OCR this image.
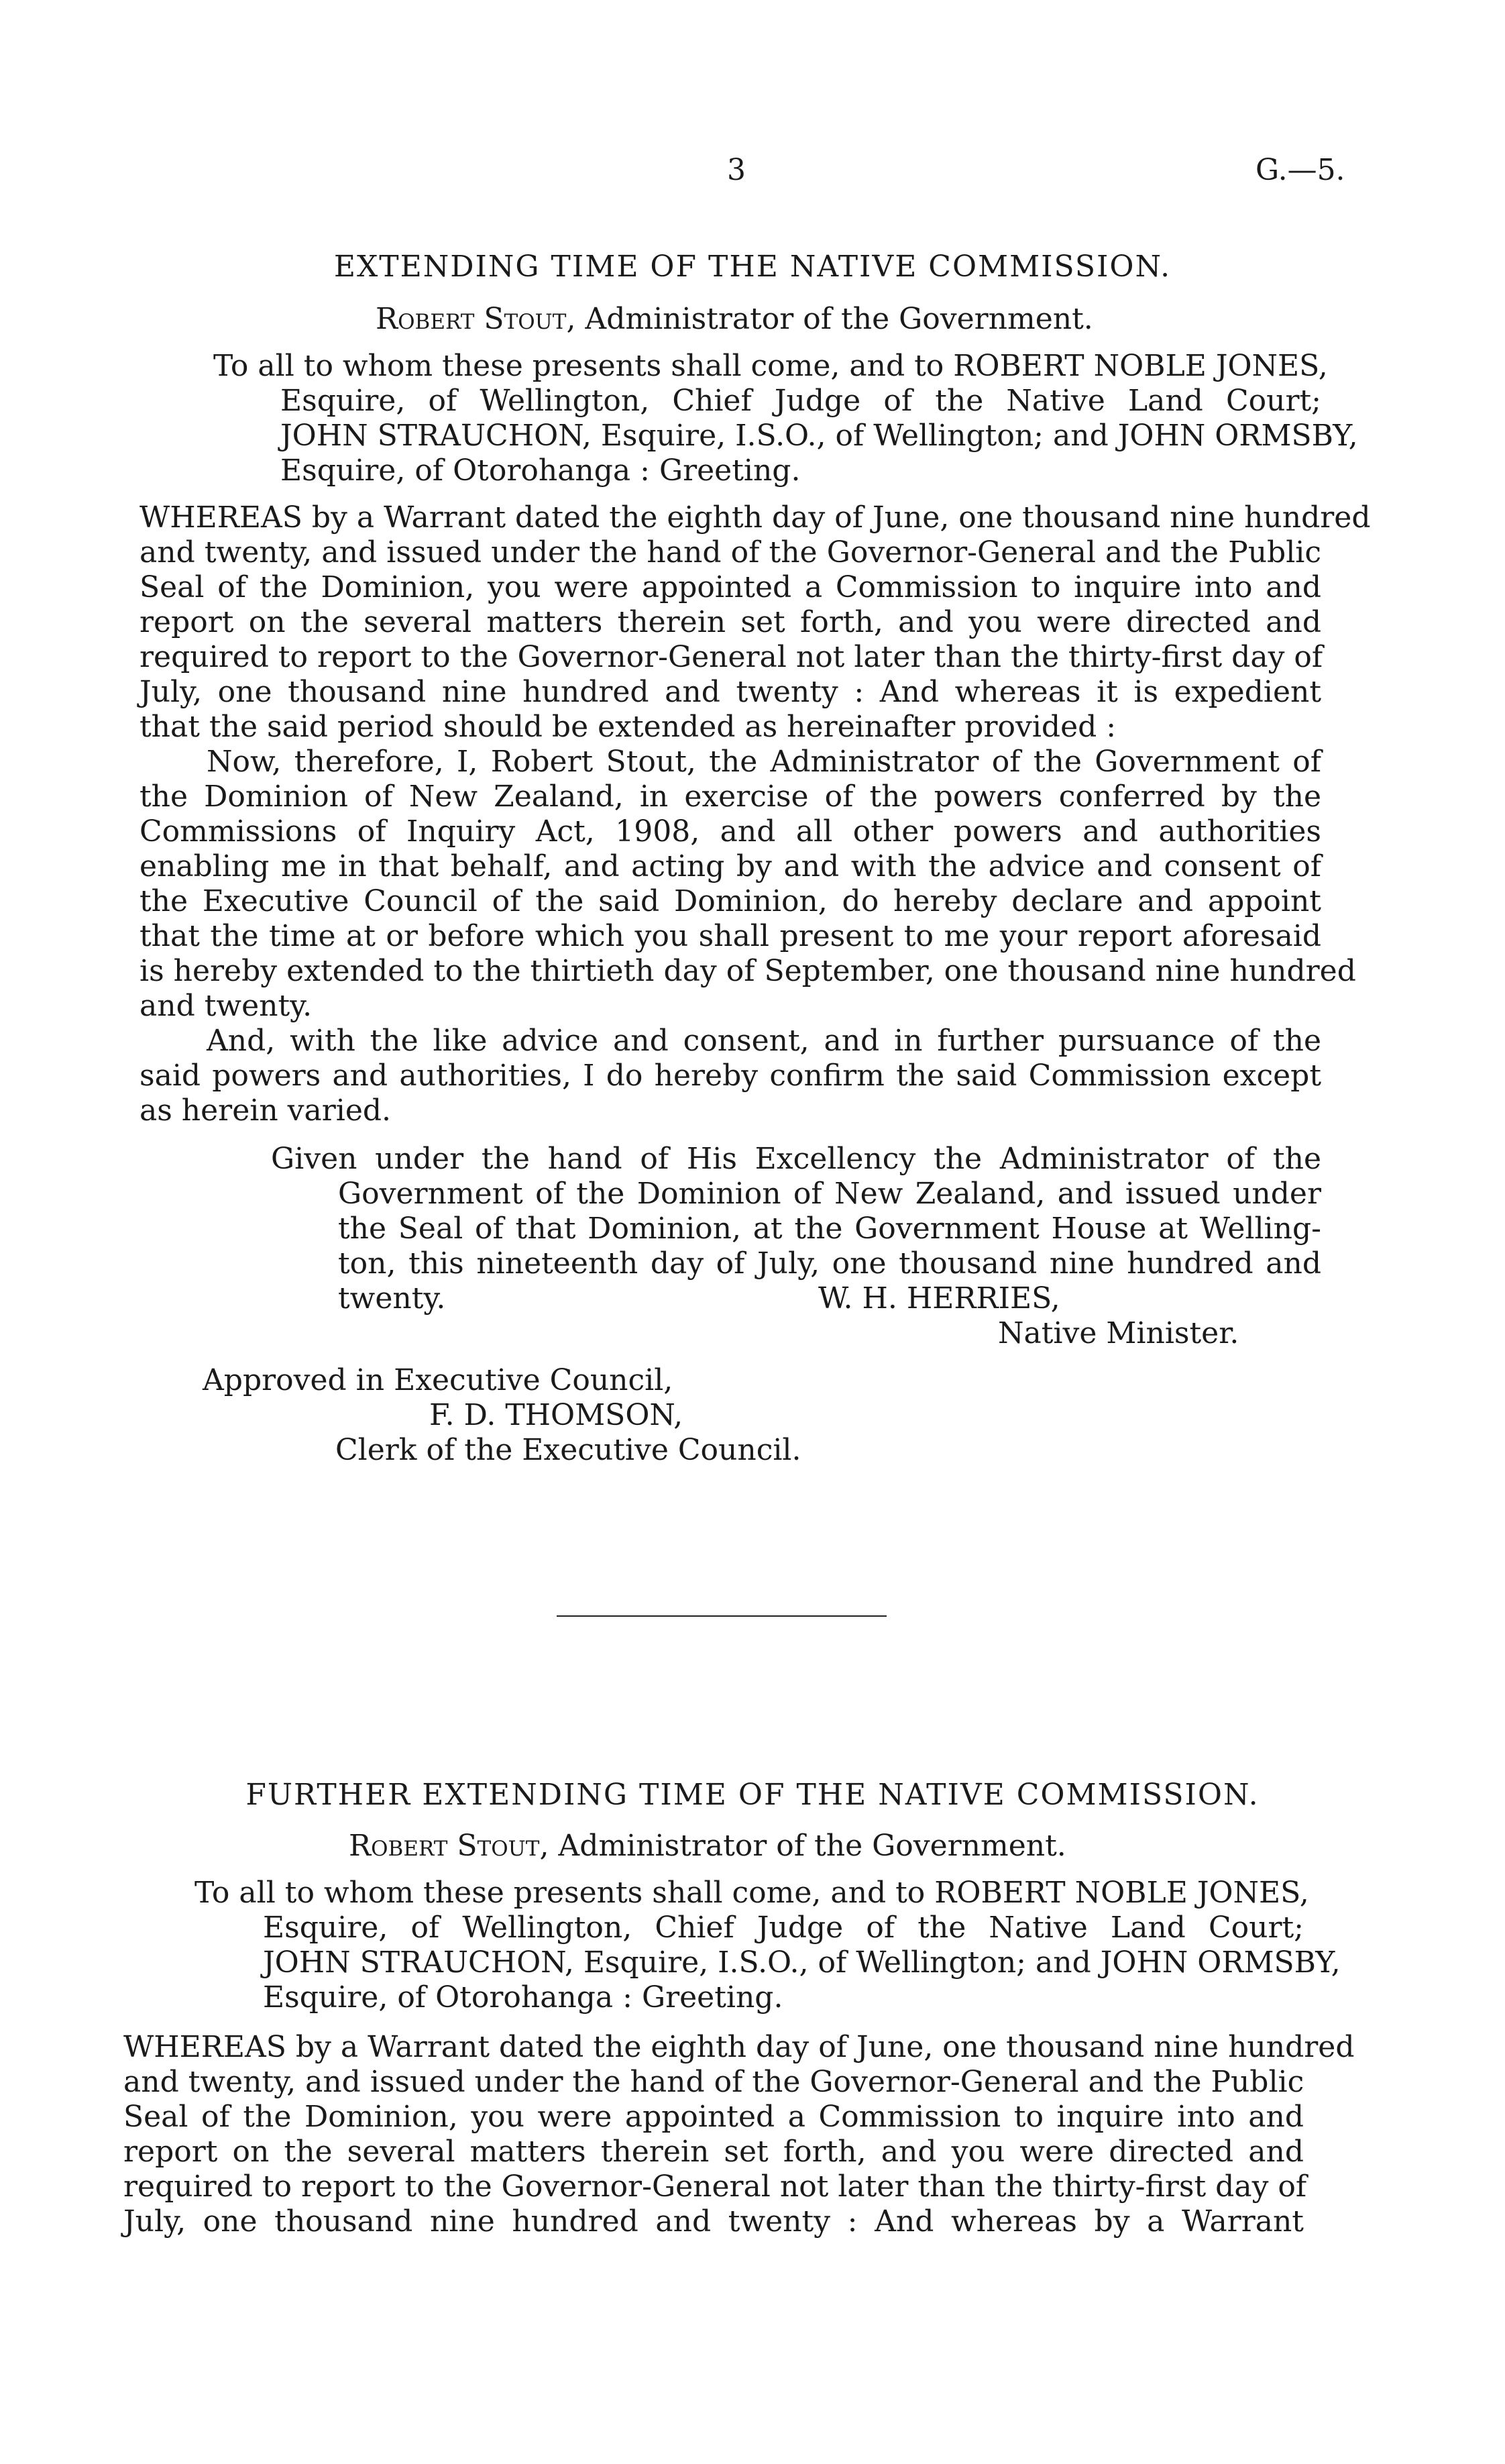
3	G.—5.
EXTENDING TIME OF THE NATIVE COMMISSION.
Robert Stout, Administrator of the Government.
To all to whom these presents shall come, and to ROBERT NOBLE JONES,
Esquire, of Wellington, Chief Judge of the Native Land Court;
JOHN STRAUCHON, Esquire, I.S.O., of Wellington; and JOHN ORMSBY,
Esquire, of Otorohanga : Greeting.
WHEREAS by a Warrant dated the eighth day of June, one thousand nine hundred
and twenty, and issued under the hand of the Governor-General and the Public
Seal of the Dominion, you were appointed a Commission to inquire into and
report on the several matters therein set forth, and you were directed and
required to report to the Governor-General not later than the thirty-first day of
July, one thousand nine hundred and twenty : And whereas it is expedient
that the said period should be extended as hereinafter provided :
Now, therefore, I, Robert Stout, the Administrator of the Government of
the Dominion of New Zealand, in exercise of the powers conferred by the
Commissions of Inquiry Act, 1908, and all other powers and authorities
enabling me in that behalf, and acting by and with the advice and consent of
the Executive Council of the said Dominion, do hereby declare and appoint
that the time at or before which you shall present to me your report aforesaid
is hereby extended to the thirtieth day of September, one thousand nine hundred
and twenty.
And, with the like advice and consent, and in further pursuance of the
said powers and authorities, I do hereby confirm the said Commission except
as herein varied.
Given under the hand of His Excellency the Administrator of the
Government of the Dominion of New Zealand, and issued under
the Seal of that Dominion, at the Government House at Welling-
ton, this nineteenth day of July, one thousand nine hundred and
twenty.	W. H. HERRIES,
Native Minister.
Approved in Executive Council,
F. D. THOMSON,
Clerk of the Executive Council.
FURTHER EXTENDING TIME OF THE NATIVE COMMISSION.
Robert Stout, Administrator of the Government.
To all to whom these presents shall come, and to ROBERT NOBLE JONES,
Esquire, of Wellington, Chief Judge of the Native Land Court;
JOHN STRAUCHON, Esquire, I.S.O., of Wellington; and JOHN ORMSBY,
Esquire, of Otorohanga : Greeting.
WHEREAS by a Warrant dated the eighth day of June, one thousand nine hundred
and twenty, and issued under the hand of the Governor-General and the Public
Seal of the Dominion, you were appointed a Commission to inquire into and
report on the several matters therein set forth, and you were directed and
required to report to the Governor-General not later than the thirty-first day of
July, one thousand nine hundred and twenty : And whereas by a Warrant
